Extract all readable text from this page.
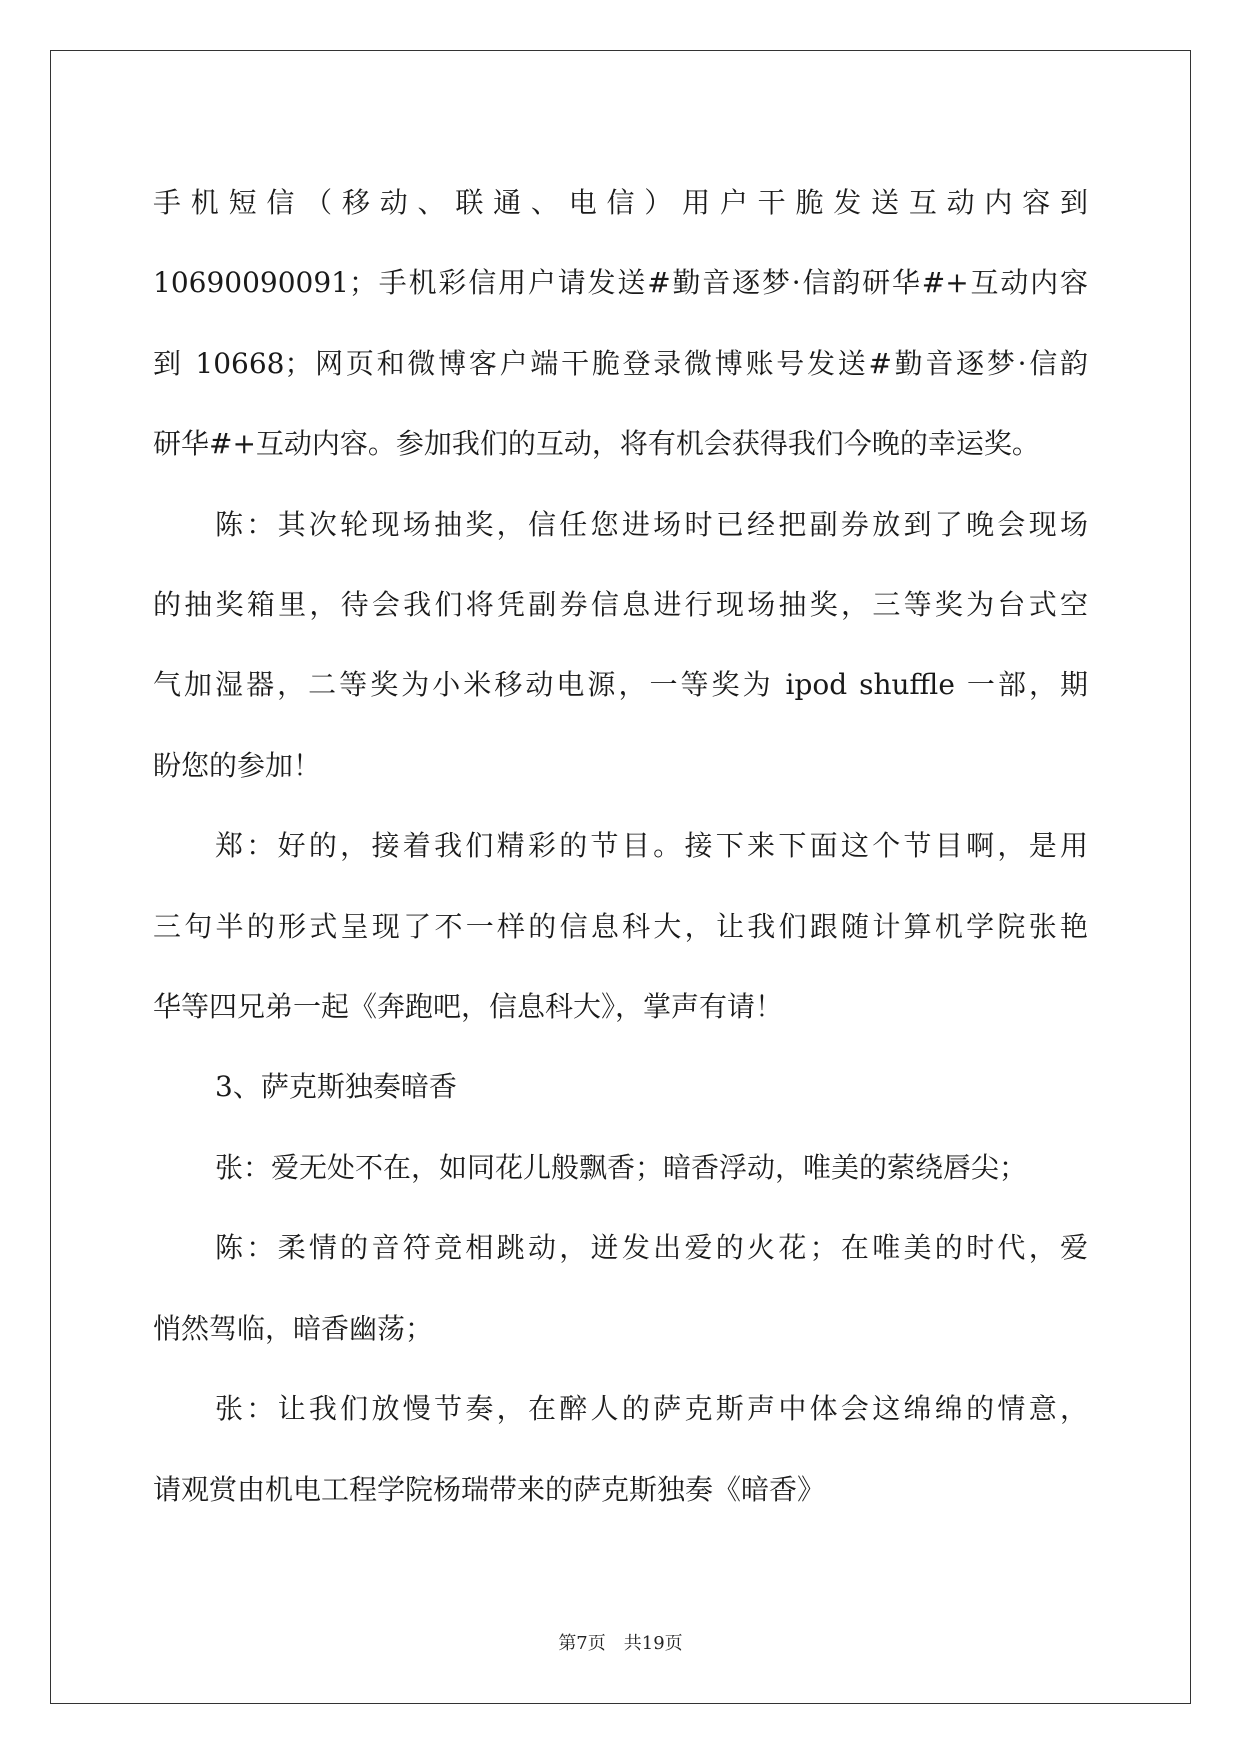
手机短信（移动、联通、电信）用户干脆发送互动内容到

10690090091；手机彩信用户请发送#勤音逐梦·信韵研华#+互动内容

到 10668；网页和微博客户端干脆登录微博账号发送#勤音逐梦·信韵

研华#+互动内容。参加我们的互动，将有机会获得我们今晚的幸运奖。

陈：其次轮现场抽奖，信任您进场时已经把副券放到了晚会现场

的抽奖箱里，待会我们将凭副券信息进行现场抽奖，三等奖为台式空

气加湿器，二等奖为小米移动电源，一等奖为 ipod shuffle 一部，期

盼您的参加！

郑：好的，接着我们精彩的节目。接下来下面这个节目啊，是用

三句半的形式呈现了不一样的信息科大，让我们跟随计算机学院张艳

华等四兄弟一起《奔跑吧，信息科大》，掌声有请！

3、萨克斯独奏暗香

张：爱无处不在，如同花儿般飘香；暗香浮动，唯美的萦绕唇尖；

陈：柔情的音符竞相跳动，迸发出爱的火花；在唯美的时代，爱

悄然驾临，暗香幽荡；

张：让我们放慢节奏，在醉人的萨克斯声中体会这绵绵的情意，

请观赏由机电工程学院杨瑞带来的萨克斯独奏《暗香》

第7页　共19页
